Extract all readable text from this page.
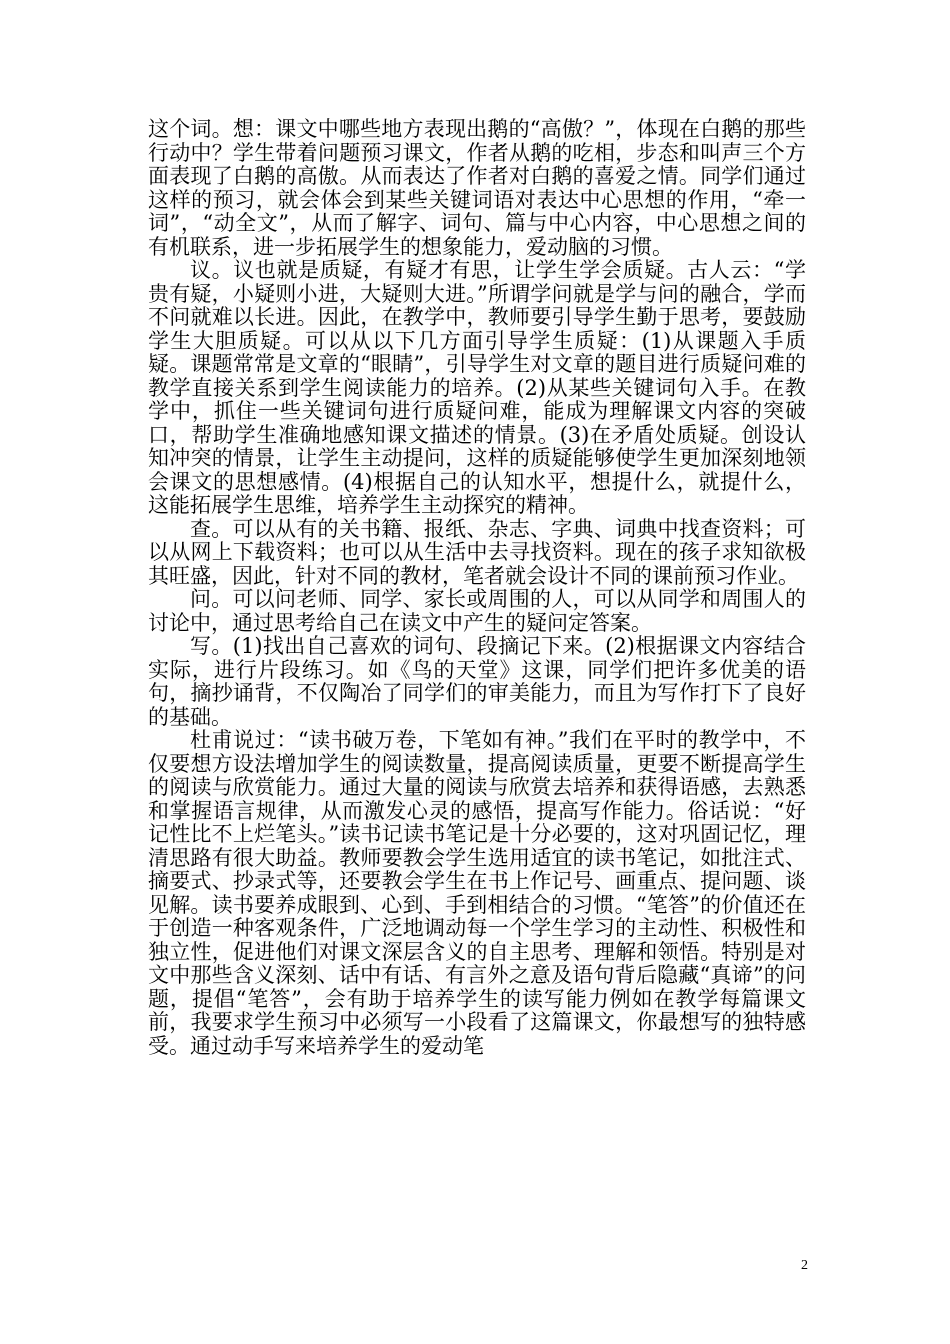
这个词。想：课文中哪些地方表现出鹅的“高傲？”，体现在白鹅的那些行动中？学生带着问题预习课文，作者从鹅的吃相，步态和叫声三个方面表现了白鹅的高傲。从而表达了作者对白鹅的喜爱之情。同学们通过这样的预习，就会体会到某些关键词语对表达中心思想的作用，“牵一词”，“动全文”，从而了解字、词句、篇与中心内容，中心思想之间的有机联系，进一步拓展学生的想象能力，爱动脑的习惯。

议。议也就是质疑，有疑才有思，让学生学会质疑。古人云：“学贵有疑，小疑则小进，大疑则大进。”所谓学问就是学与问的融合，学而不问就难以长进。因此，在教学中，教师要引导学生勤于思考，要鼓励学生大胆质疑。可以从以下几方面引导学生质疑：(1)从课题入手质疑。课题常常是文章的“眼睛”，引导学生对文章的题目进行质疑问难的教学直接关系到学生阅读能力的培养。(2)从某些关键词句入手。在教学中，抓住一些关键词句进行质疑问难，能成为理解课文内容的突破口，帮助学生准确地感知课文描述的情景。(3)在矛盾处质疑。创设认知冲突的情景，让学生主动提问，这样的质疑能够使学生更加深刻地领会课文的思想感情。(4)根据自己的认知水平，想提什么，就提什么，这能拓展学生思维，培养学生主动探究的精神。

查。可以从有的关书籍、报纸、杂志、字典、词典中找查资料；可以从网上下载资料；也可以从生活中去寻找资料。现在的孩子求知欲极其旺盛，因此，针对不同的教材，笔者就会设计不同的课前预习作业。

问。可以问老师、同学、家长或周围的人，可以从同学和周围人的讨论中，通过思考给自己在读文中产生的疑问定答案。

写。(1)找出自己喜欢的词句、段摘记下来。(2)根据课文内容结合实际，进行片段练习。如《鸟的天堂》这课，同学们把许多优美的语句，摘抄诵背，不仅陶冶了同学们的审美能力，而且为写作打下了良好的基础。

杜甫说过：“读书破万卷，下笔如有神。”我们在平时的教学中，不仅要想方设法增加学生的阅读数量，提高阅读质量，更要不断提高学生的阅读与欣赏能力。通过大量的阅读与欣赏去培养和获得语感，去熟悉和掌握语言规律，从而激发心灵的感悟，提高写作能力。俗话说：“好记性比不上烂笔头。”读书记读书笔记是十分必要的，这对巩固记忆，理清思路有很大助益。教师要教会学生选用适宜的读书笔记，如批注式、摘要式、抄录式等，还要教会学生在书上作记号、画重点、提问题、谈见解。读书要养成眼到、心到、手到相结合的习惯。“笔答”的价值还在于创造一种客观条件，广泛地调动每一个学生学习的主动性、积极性和独立性，促进他们对课文深层含义的自主思考、理解和领悟。特别是对文中那些含义深刻、话中有话、有言外之意及语句背后隐藏“真谛”的问题，提倡“笔答”，会有助于培养学生的读写能力例如在教学每篇课文前，我要求学生预习中必须写一小段看了这篇课文，你最想写的独特感受。通过动手写来培养学生的爱动笔

2
